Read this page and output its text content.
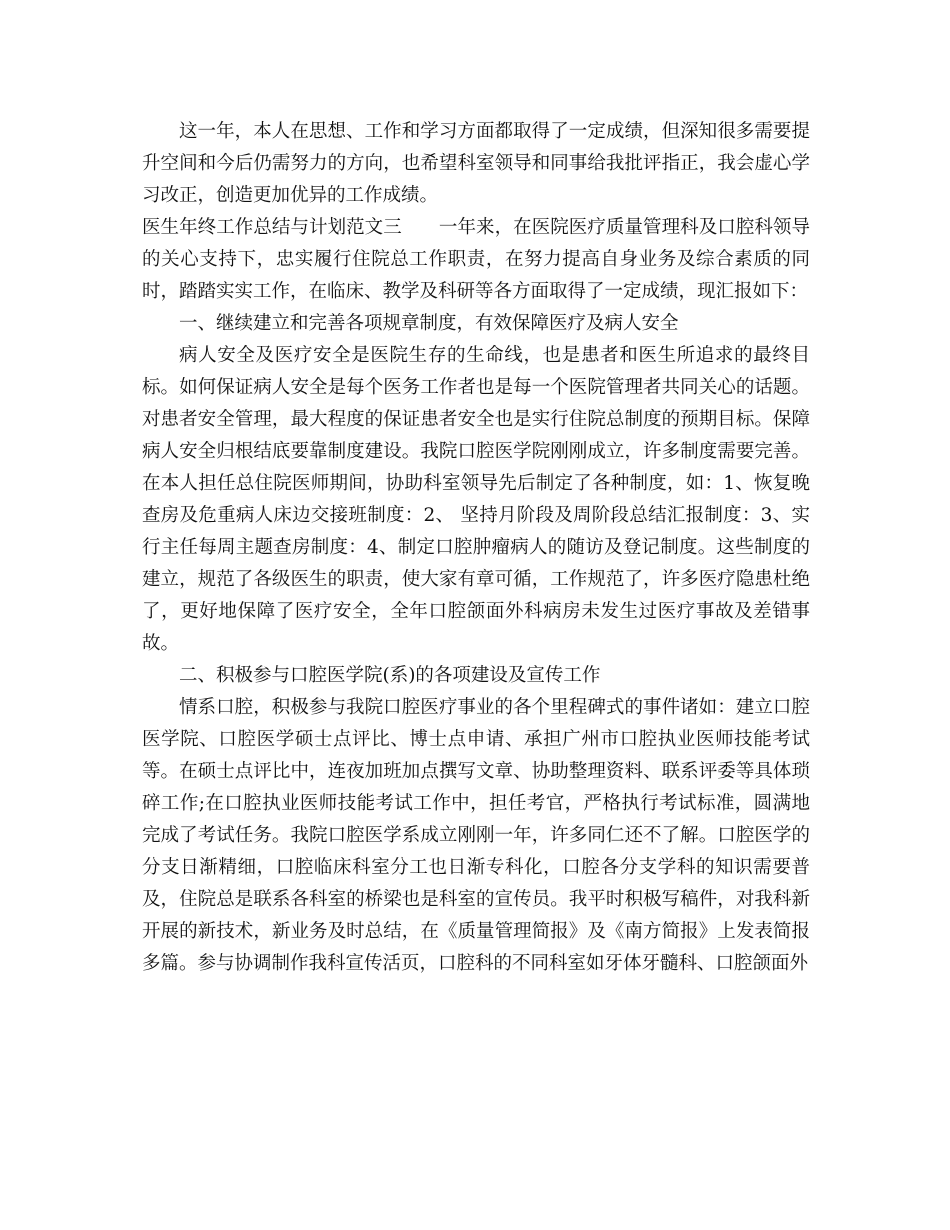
这一年，本人在思想、工作和学习方面都取得了一定成绩，但深知很多需要提升空间和今后仍需努力的方向，也希望科室领导和同事给我批评指正，我会虚心学习改正，创造更加优异的工作成绩。

医生年终工作总结与计划范文三　　一年来，在医院医疗质量管理科及口腔科领导的关心支持下，忠实履行住院总工作职责，在努力提高自身业务及综合素质的同时，踏踏实实工作，在临床、教学及科研等各方面取得了一定成绩，现汇报如下：

一、继续建立和完善各项规章制度，有效保障医疗及病人安全

病人安全及医疗安全是医院生存的生命线，也是患者和医生所追求的最终目标。如何保证病人安全是每个医务工作者也是每一个医院管理者共同关心的话题。对患者安全管理，最大程度的保证患者安全也是实行住院总制度的预期目标。保障病人安全归根结底要靠制度建设。我院口腔医学院刚刚成立，许多制度需要完善。在本人担任总住院医师期间，协助科室领导先后制定了各种制度，如：1、恢复晚查房及危重病人床边交接班制度：2、 坚持月阶段及周阶段总结汇报制度：3、实行主任每周主题查房制度：4、制定口腔肿瘤病人的随访及登记制度。这些制度的建立，规范了各级医生的职责，使大家有章可循，工作规范了，许多医疗隐患杜绝了，更好地保障了医疗安全，全年口腔颌面外科病房未发生过医疗事故及差错事故。

二、积极参与口腔医学院(系)的各项建设及宣传工作

情系口腔，积极参与我院口腔医疗事业的各个里程碑式的事件诸如：建立口腔医学院、口腔医学硕士点评比、博士点申请、承担广州市口腔执业医师技能考试等。在硕士点评比中，连夜加班加点撰写文章、协助整理资料、联系评委等具体琐碎工作;在口腔执业医师技能考试工作中，担任考官，严格执行考试标准，圆满地完成了考试任务。我院口腔医学系成立刚刚一年，许多同仁还不了解。口腔医学的分支日渐精细，口腔临床科室分工也日渐专科化，口腔各分支学科的知识需要普及，住院总是联系各科室的桥梁也是科室的宣传员。我平时积极写稿件，对我科新开展的新技术，新业务及时总结，在《质量管理简报》及《南方简报》上发表简报多篇。参与协调制作我科宣传活页，口腔科的不同科室如牙体牙髓科、口腔颌面外
